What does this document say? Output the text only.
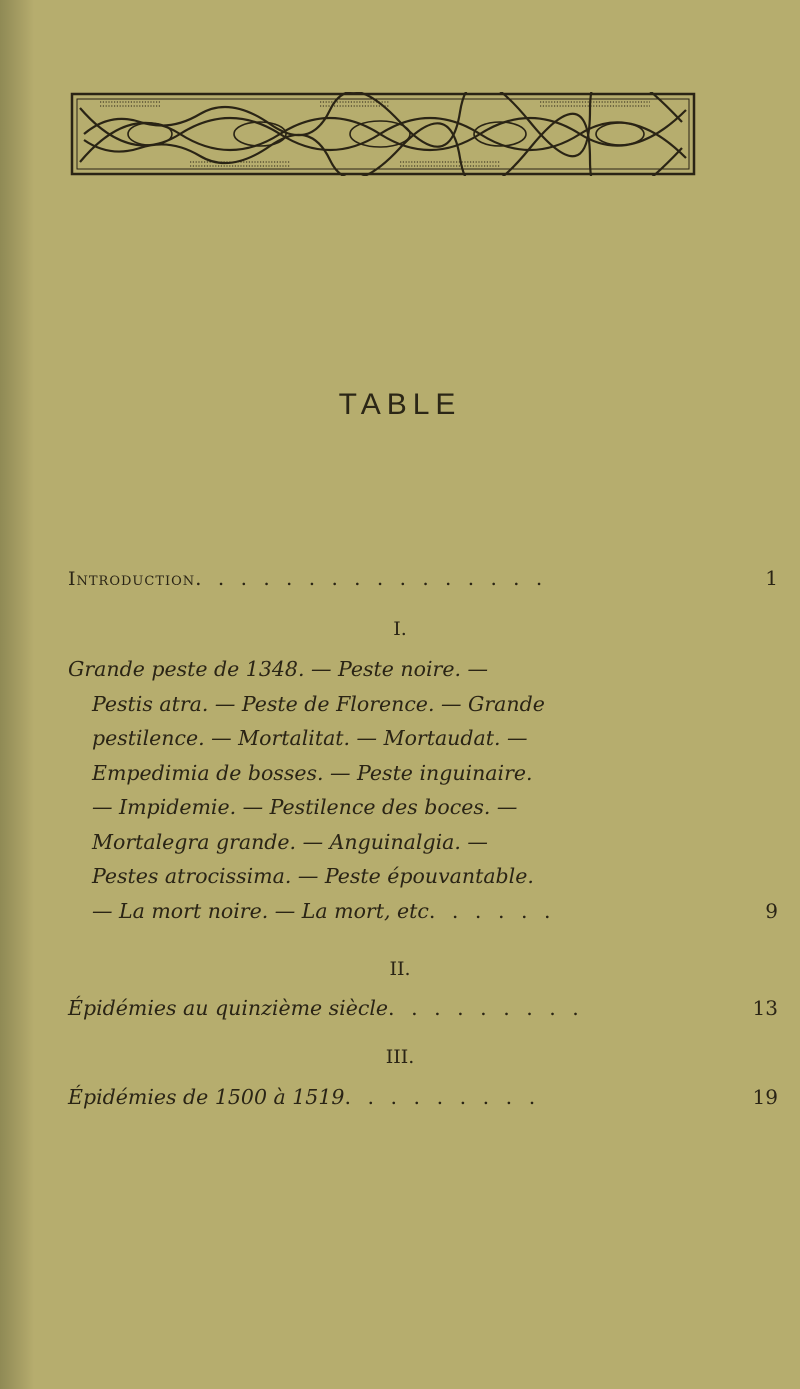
TABLE
Introduction. . . . . . . . . . . . . . . .	1
I.
Grande peste de 1348. — Peste noire. —
Pestis atra. — Peste de Florence. — Grande
pestilence. — Mortalitat. — Mortaudat. —
Empedimia de bosses. — Peste inguinaire.
— Impidemie. — Pestilence des boces. —
Mortalegra grande. — Anguinalgia. —
Pestes atrocissima. — Peste épouvantable.
— La mort noire. — La mort, etc. . . . . .	9
II.
Épidémies au quinzième siècle. . . . . . . . .	13
III.
Épidémies de 1500 à 1519. . . . . . . . .	19
